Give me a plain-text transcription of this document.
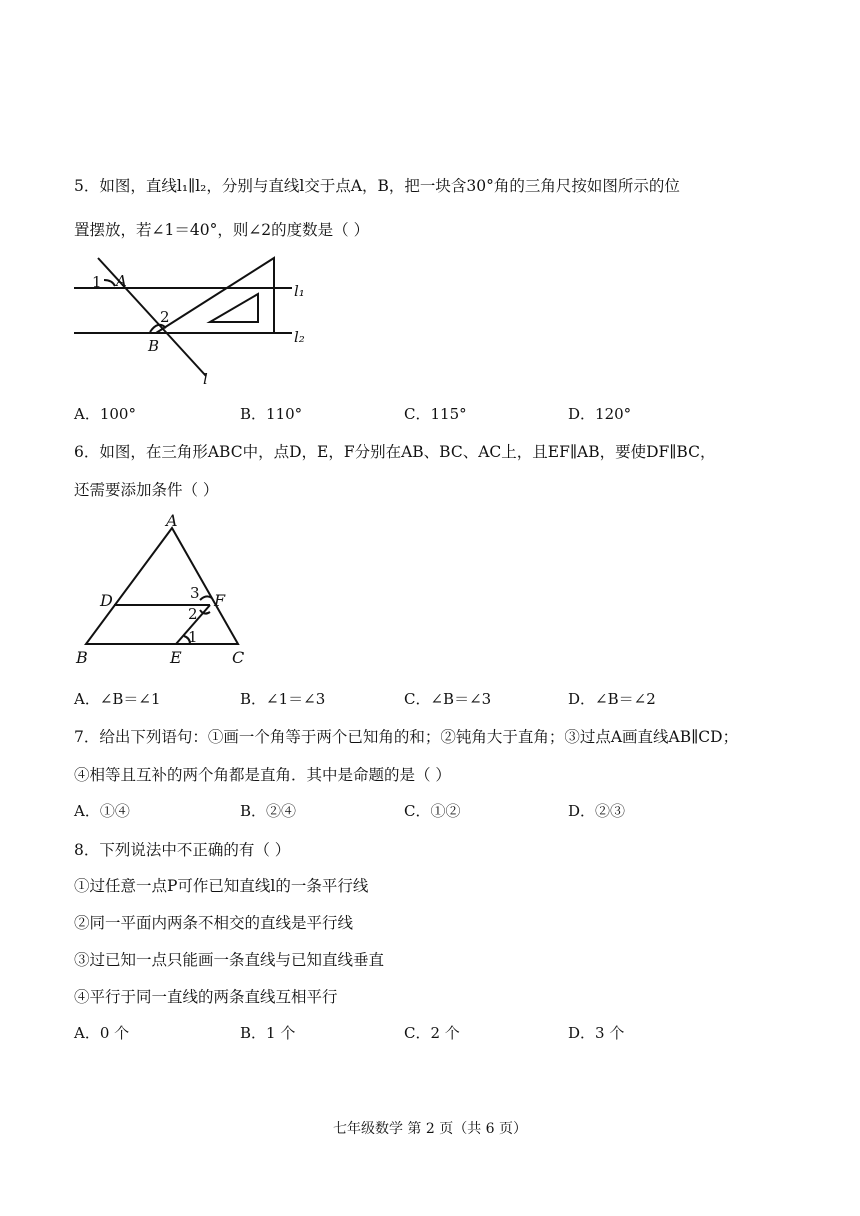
5．如图，直线l₁∥l₂，分别与直线l交于点A，B，把一块含30°角的三角尺按如图所示的位
置摆放，若∠1＝40°，则∠2的度数是（ ）
1 A
2
B
l₁
l₂
l
A．100°	B．110°	C．115°	D．120°
6．如图，在三角形ABC中，点D，E，F分别在AB、BC、AC上，且EF∥AB，要使DF∥BC，
还需要添加条件（ ）
A
D	F
B	E	C
3
2
1
A．∠B＝∠1	B．∠1＝∠3	C．∠B＝∠3	D．∠B＝∠2
7．给出下列语句：①画一个角等于两个已知角的和；②钝角大于直角；③过点A画直线AB∥CD；
④相等且互补的两个角都是直角．其中是命题的是（ ）
A．①④	B．②④	C．①②	D．②③
8．下列说法中不正确的有（ ）
①过任意一点P可作已知直线l的一条平行线
②同一平面内两条不相交的直线是平行线
③过已知一点只能画一条直线与已知直线垂直
④平行于同一直线的两条直线互相平行
A．0 个	B．1 个	C．2 个	D．3 个
七年级数学 第 2 页（共 6 页）
